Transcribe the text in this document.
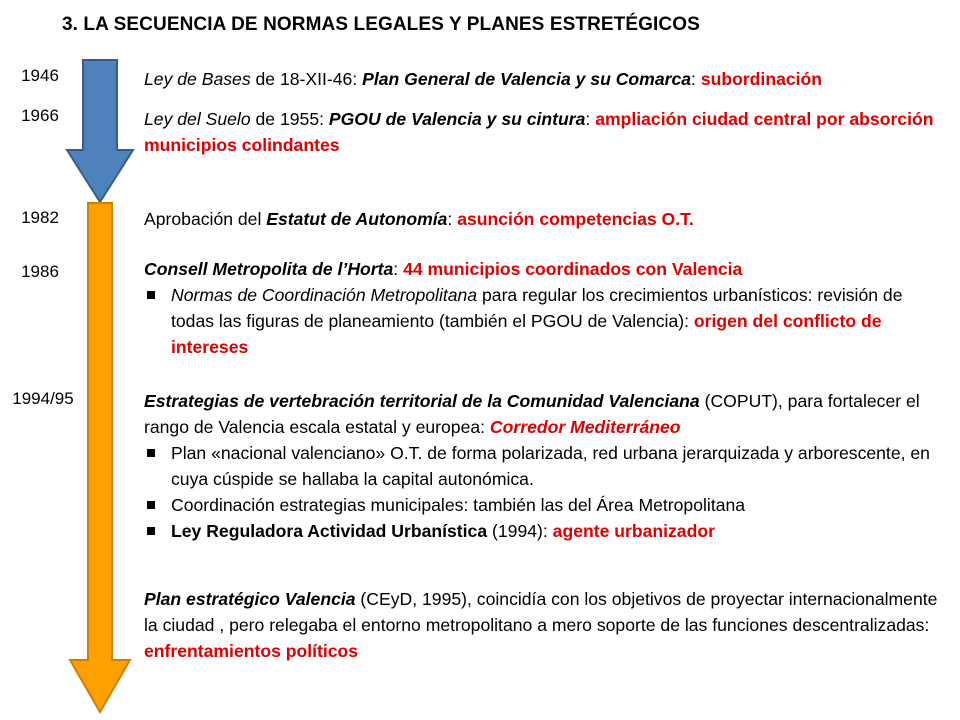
3. LA SECUENCIA DE NORMAS LEGALES Y PLANES ESTRETÉGICOS
1946
1966
1982
1986
1994/95

Ley de Bases de 18-XII-46: Plan General de Valencia y su Comarca: subordinación

Ley del Suelo de 1955: PGOU de Valencia y su cintura: ampliación ciudad central por absorción municipios colindantes

Aprobación del Estatut de Autonomía: asunción competencias O.T.

Consell Metropolita de l’Horta: 44 municipios coordinados con Valencia

Normas de Coordinación Metropolitana para regular los crecimientos urbanísticos: revisión de todas las figuras de planeamiento (también el PGOU de Valencia): origen del conflicto de intereses

Estrategias de vertebración territorial de la Comunidad Valenciana (COPUT), para fortalecer el rango de Valencia escala estatal y europea: Corredor Mediterráneo

Plan «nacional valenciano» O.T. de forma polarizada, red urbana jerarquizada y arborescente, en cuya cúspide se hallaba la capital autonómica.
Coordinación estrategias municipales: también las del Área Metropolitana
Ley Reguladora Actividad Urbanística (1994): agente urbanizador

Plan estratégico Valencia (CEyD, 1995), coincidía con los objetivos de proyectar internacionalmente la ciudad , pero relegaba el entorno metropolitano a mero soporte de las funciones descentralizadas: enfrentamientos políticos
